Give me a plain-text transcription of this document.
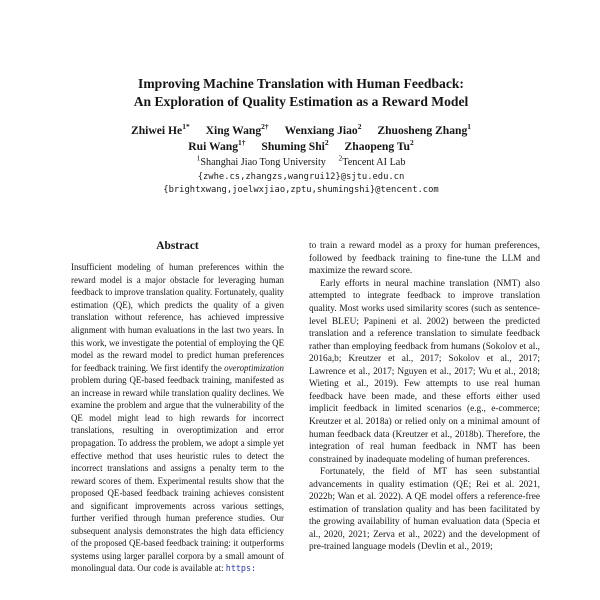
Improving Machine Translation with Human Feedback:
An Exploration of Quality Estimation as a Reward Model
Zhiwei $He^{1*}$ Xing Wang$^{2\dagger}$ Wenxiang Jiao$^2$ Zhuosheng Zhang$^1$
Rui Wang$^{1\dagger}$ Shuming Shi$^2$ Zhaopeng Tu$^2$
$^1$Shanghai Jiao Tong University $^2$Tencent AI Lab
{zwhe.cs,zhangzs,wangrui12}@sjtu.edu.cn
{brightxwang,joelwxjiao,zptu,shumingshi}@tencent.com
Abstract

Insufficient modeling of human preferences within the reward model is a major obstacle for leveraging human feedback to improve translation quality. Fortunately, quality estimation (QE), which predicts the quality of a given translation without reference, has achieved impressive alignment with human evaluations in the last two years. In this work, we investigate the potential of employing the QE model as the reward model to predict human preferences for feedback training. We first identify the overoptimization problem during QE-based feedback training, manifested as an increase in reward while translation quality declines. We examine the problem and argue that the vulnerability of the QE model might lead to high rewards for incorrect translations, resulting in overoptimization and error propagation. To address the problem, we adopt a simple yet effective method that uses heuristic rules to detect the incorrect translations and assigns a penalty term to the reward scores of them. Experimental results show that the proposed QE-based feedback training achieves consistent and significant improvements across various settings, further verified through human preference studies. Our subsequent analysis demonstrates the high data efficiency of the proposed QE-based feedback training: it outperforms systems using larger parallel corpora by a small amount of monolingual data. Our code is available at: https:

to train a reward model as a proxy for human preferences, followed by feedback training to fine-tune the LLM and maximize the reward score.

Early efforts in neural machine translation (NMT) also attempted to integrate feedback to improve translation quality. Most works used similarity scores (such as sentence-level BLEU; Papineni et al. 2002) between the predicted translation and a reference translation to simulate feedback rather than employing feedback from humans (Sokolov et al., 2016a,b; Kreutzer et al., 2017; Sokolov et al., 2017; Lawrence et al., 2017; Nguyen et al., 2017; Wu et al., 2018; Wieting et al., 2019). Few attempts to use real human feedback have been made, and these efforts either used implicit feedback in limited scenarios (e.g., e-commerce; Kreutzer et al. 2018a) or relied only on a minimal amount of human feedback data (Kreutzer et al., 2018b). Therefore, the integration of real human feedback in NMT has been constrained by inadequate modeling of human preferences.

Fortunately, the field of MT has seen substantial advancements in quality estimation (QE; Rei et al. 2021, 2022b; Wan et al. 2022). A QE model offers a reference-free estimation of translation quality and has been facilitated by the growing availability of human evaluation data (Specia et al., 2020, 2021; Zerva et al., 2022) and the development of pre-trained language models (Devlin et al., 2019;
